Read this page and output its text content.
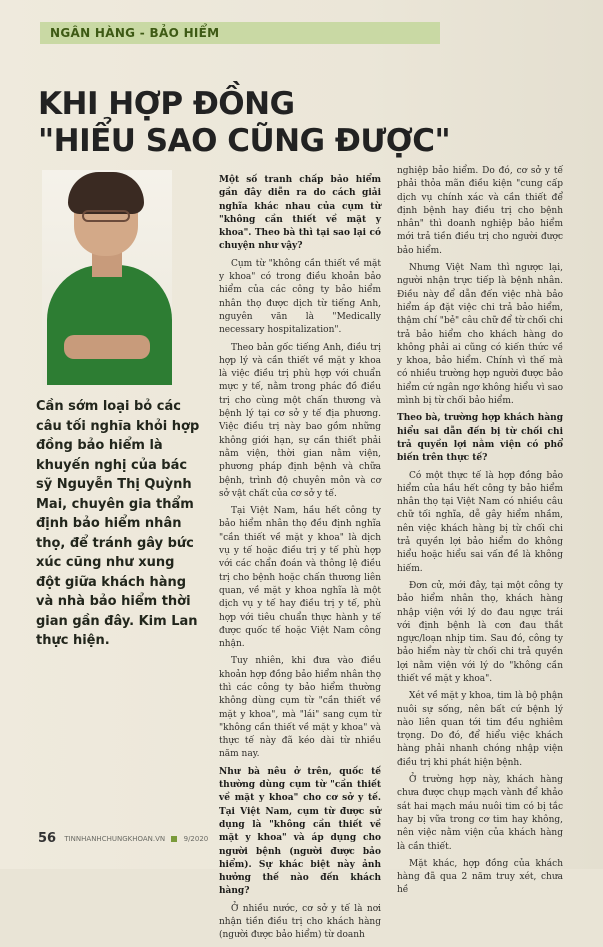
NGÂN HÀNG - BẢO HIỂM
KHI HỢP ĐỒNG
"HIỂU SAO CŨNG ĐƯỢC"

Cần sớm loại bỏ các câu tối nghĩa khỏi hợp đồng bảo hiểm là khuyến nghị của bác sỹ Nguyễn Thị Quỳnh Mai, chuyên gia thẩm định bảo hiểm nhân thọ, để tránh gây bức xúc cũng như xung đột giữa khách hàng và nhà bảo hiểm thời gian gần đây. Kim Lan thực hiện.

Một số tranh chấp bảo hiểm gần đây diễn ra do cách giải nghĩa khác nhau của cụm từ "không cần thiết về mặt y khoa". Theo bà thì tại sao lại có chuyện như vậy?

Cụm từ "không cần thiết về mặt y khoa" có trong điều khoản bảo hiểm của các công ty bảo hiểm nhân thọ được dịch từ tiếng Anh, nguyên văn là "Medically necessary hospitalization".

Theo bản gốc tiếng Anh, điều trị hợp lý và cần thiết về mặt y khoa là việc điều trị phù hợp với chuẩn mực y tế, nằm trong phác đồ điều trị cho cùng một chấn thương và bệnh lý tại cơ sở y tế địa phương. Việc điều trị này bao gồm những không giới hạn, sự cần thiết phải nằm viện, thời gian nằm viện, phương pháp định bệnh và chữa bệnh, trình độ chuyên môn và cơ sở vật chất của cơ sở y tế.

Tại Việt Nam, hầu hết công ty bảo hiểm nhân thọ đều định nghĩa "cần thiết về mặt y khoa" là dịch vụ y tế hoặc điều trị y tế phù hợp với các chẩn đoán và thông lệ điều trị cho bệnh hoặc chấn thương liên quan, về mặt y khoa nghĩa là một dịch vụ y tế hay điều trị y tế, phù hợp với tiêu chuẩn thực hành y tế được quốc tế hoặc Việt Nam công nhận.

Tuy nhiên, khi đưa vào điều khoản hợp đồng bảo hiểm nhân thọ thì các công ty bảo hiểm thường không dùng cụm từ "cần thiết về mặt y khoa", mà "lái" sang cụm từ "không cần thiết về mặt y khoa" và thực tế này đã kéo dài từ nhiều năm nay.

Như bà nêu ở trên, quốc tế thường dùng cụm từ "cần thiết về mặt y khoa" cho cơ sở y tế. Tại Việt Nam, cụm từ được sử dụng là "không cần thiết về mặt y khoa" và áp dụng cho người bệnh (người được bảo hiểm). Sự khác biệt này ảnh hưởng thế nào đến khách hàng?

Ở nhiều nước, cơ sở y tế là nơi nhận tiền điều trị cho khách hàng (người được bảo hiểm) từ doanh

nghiệp bảo hiểm. Do đó, cơ sở y tế phải thỏa mãn điều kiện "cung cấp dịch vụ chính xác và cần thiết để định bệnh hay điều trị cho bệnh nhân" thì doanh nghiệp bảo hiểm mới trả tiền điều trị cho người được bảo hiểm.

Nhưng Việt Nam thì ngược lại, người nhận trực tiếp là bệnh nhân. Điều này để dẫn đến việc nhà bảo hiểm áp đặt việc chi trả bảo hiểm, thậm chí "bẻ" câu chữ để từ chối chi trả bảo hiểm cho khách hàng do không phải ai cũng có kiến thức về y khoa, bảo hiểm. Chính vì thế mà có nhiều trường hợp người được bảo hiểm cứ ngân ngơ không hiểu vì sao mình bị từ chối bảo hiểm.

Theo bà, trường hợp khách hàng hiểu sai dẫn đến bị từ chối chi trả quyền lợi nằm viện có phổ biến trên thực tế?

Có một thực tế là hợp đồng bảo hiểm của hầu hết công ty bảo hiểm nhân thọ tại Việt Nam có nhiều câu chữ tối nghĩa, dễ gây hiểm nhầm, nên việc khách hàng bị từ chối chi trả quyền lợi bảo hiểm do không hiểu hoặc hiểu sai vấn đề là không hiếm.

Đơn cử, mới đây, tại một công ty bảo hiểm nhân thọ, khách hàng nhập viện với lý do đau ngực trái với định bệnh là cơn đau thắt ngực/loạn nhịp tim. Sau đó, công ty bảo hiểm này từ chối chi trả quyền lợi nằm viện với lý do "không cần thiết về mặt y khoa".

Xét về mặt y khoa, tim là bộ phận nuôi sự sống, nên bất cứ bệnh lý nào liên quan tới tim đều nghiêm trọng. Do đó, để hiểu việc khách hàng phải nhanh chóng nhập viện điều trị khi phát hiện bệnh.

Ở trường hợp này, khách hàng chưa được chụp mạch vành để khảo sát hai mạch máu nuôi tim có bị tắc hay bị vữa trong cơ tim hay không, nên việc nằm viện của khách hàng là cần thiết.

Mặt khác, hợp đồng của khách hàng đã qua 2 năm truy xét, chưa hề

56 TINNHANHCHUNGKHOAN.VN	9/2020
